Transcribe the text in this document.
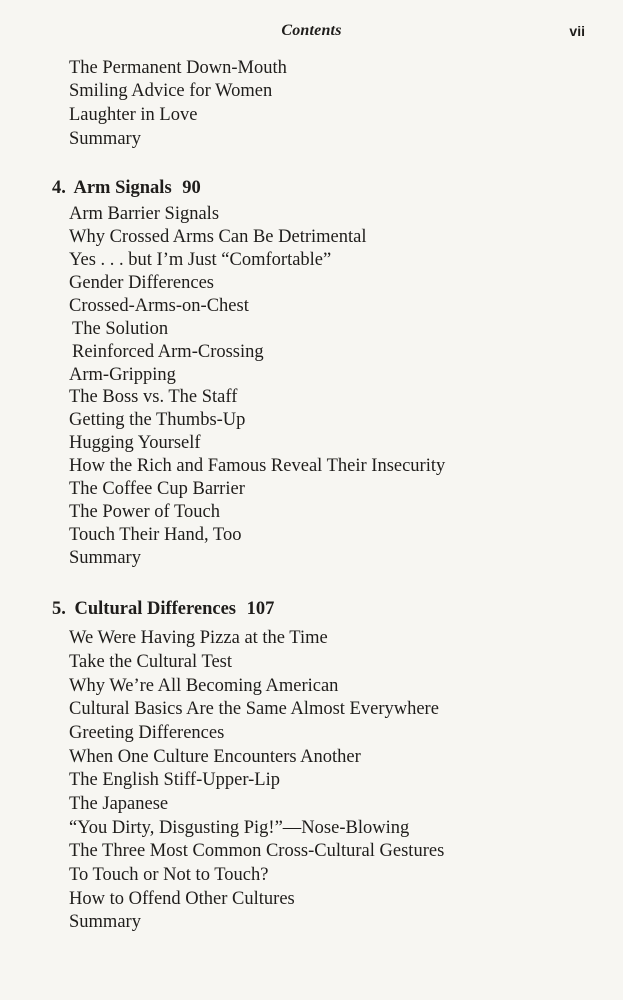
Contents	vii
The Permanent Down-Mouth
Smiling Advice for Women
Laughter in Love
Summary
4. Arm Signals 90
Arm Barrier Signals
Why Crossed Arms Can Be Detrimental
Yes . . . but I’m Just “Comfortable”
Gender Differences
Crossed-Arms-on-Chest
The Solution
Reinforced Arm-Crossing
Arm-Gripping
The Boss vs. The Staff
Getting the Thumbs-Up
Hugging Yourself
How the Rich and Famous Reveal Their Insecurity
The Coffee Cup Barrier
The Power of Touch
Touch Their Hand, Too
Summary
5. Cultural Differences 107
We Were Having Pizza at the Time
Take the Cultural Test
Why We’re All Becoming American
Cultural Basics Are the Same Almost Everywhere
Greeting Differences
When One Culture Encounters Another
The English Stiff-Upper-Lip
The Japanese
“You Dirty, Disgusting Pig!”—Nose-Blowing
The Three Most Common Cross-Cultural Gestures
To Touch or Not to Touch?
How to Offend Other Cultures
Summary
